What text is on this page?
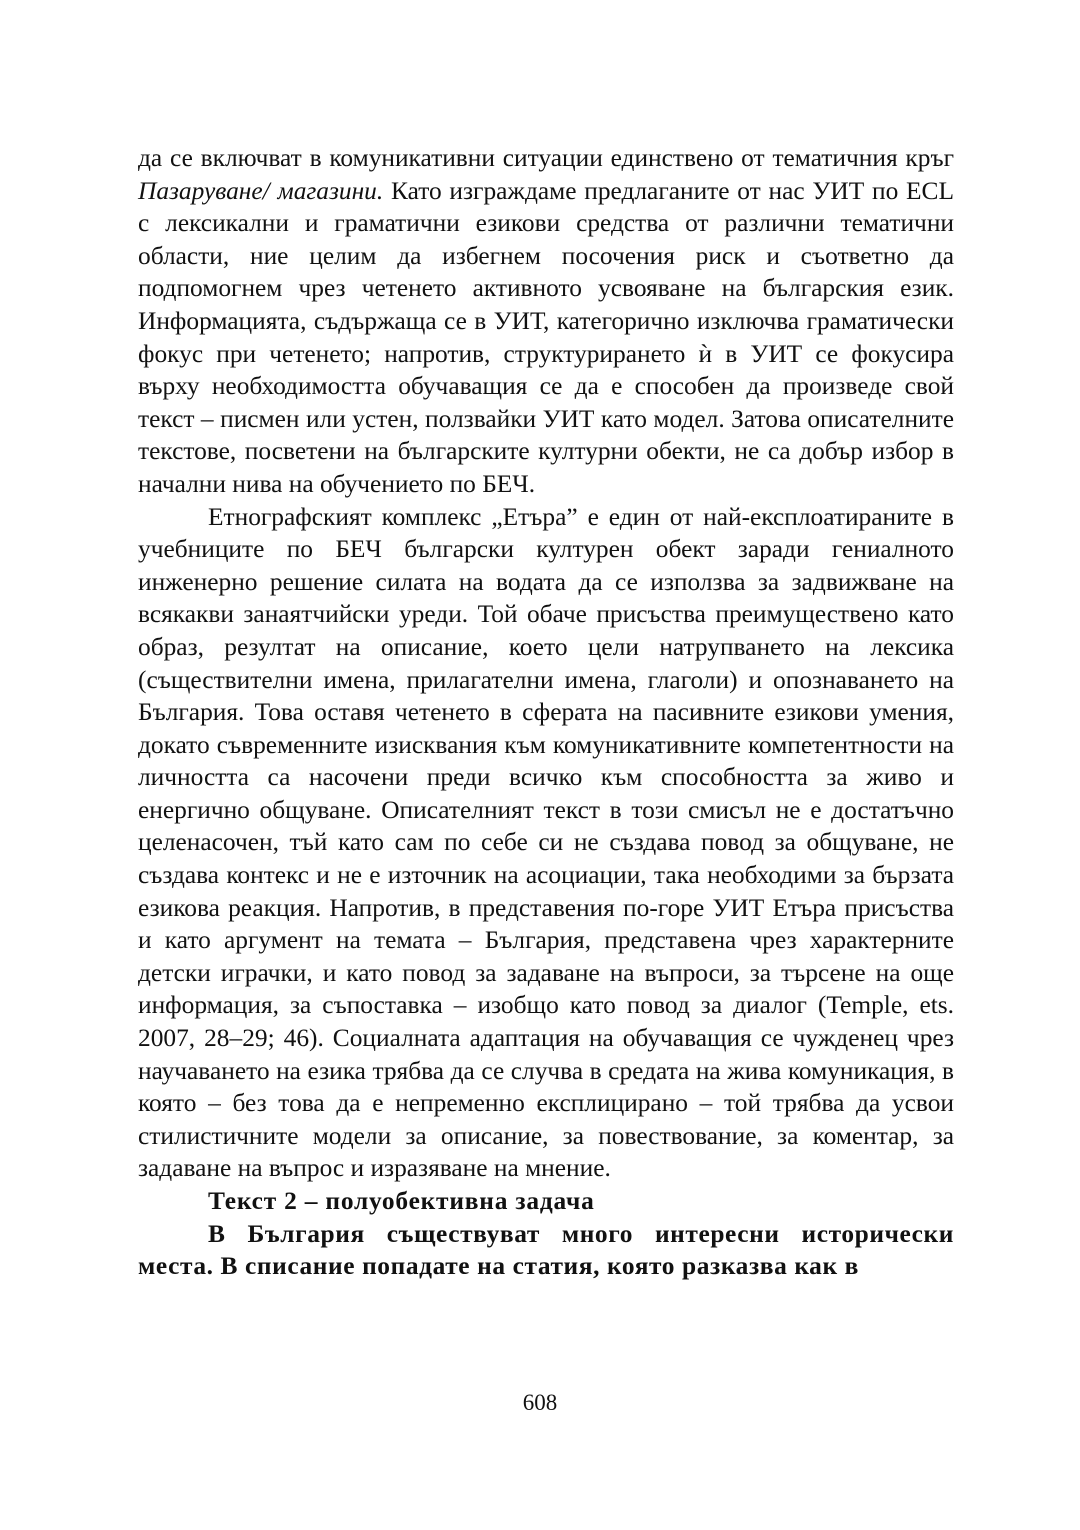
да се включват в комуникативни ситуации единствено от тематичния кръг Пазаруване/ магазини. Като изграждаме предлаганите от нас УИТ по ECL с лексикални и граматични езикови средства от различни тематични области, ние целим да избегнем посочения риск и съответно да подпомогнем чрез четенето активното усвояване на българския език. Информацията, съдържаща се в УИТ, категорично изключва граматически фокус при четенето; напротив, структурирането ѝ в УИТ се фокусира върху необходимостта обучаващия се да е способен да произведе свой текст – писмен или устен, ползвайки УИТ като модел. Затова описателните текстове, посветени на българските културни обекти, не са добър избор в начални нива на обучението по БЕЧ.

Етнографският комплекс „Етъра” е един от най-експлоатираните в учебниците по БЕЧ български културен обект заради гениалното инженерно решение силата на водата да се използва за задвижване на всякакви занаятчийски уреди. Той обаче присъства преимуществено като образ, резултат на описание, което цели натрупването на лексика (съществителни имена, прилагателни имена, глаголи) и опознаването на България. Това оставя четенето в сферата на пасивните езикови умения, докато съвременните изисквания към комуникативните компетентности на личността са насочени преди всичко към способността за живо и енергично общуване. Описателният текст в този смисъл не е достатъчно целенасочен, тъй като сам по себе си не създава повод за общуване, не създава контекс и не е източник на асоциации, така необходими за бързата езикова реакция. Напротив, в представения по-горе УИТ Етъра присъства и като аргумент на темата – България, представена чрез характерните детски играчки, и като повод за задаване на въпроси, за търсене на още информация, за съпоставка – изобщо като повод за диалог (Temple, ets. 2007, 28–29; 46). Социалната адаптация на обучаващия се чужденец чрез научаването на езика трябва да се случва в средата на жива комуникация, в която – без това да е непременно експлицирано – той трябва да усвои стилистичните модели за описание, за повествование, за коментар, за задаване на въпрос и изразяване на мнение.

Текст 2 – полуобективна задача

В България съществуват много интересни исторически места. В списание попадате на статия, която разказва как в

608
